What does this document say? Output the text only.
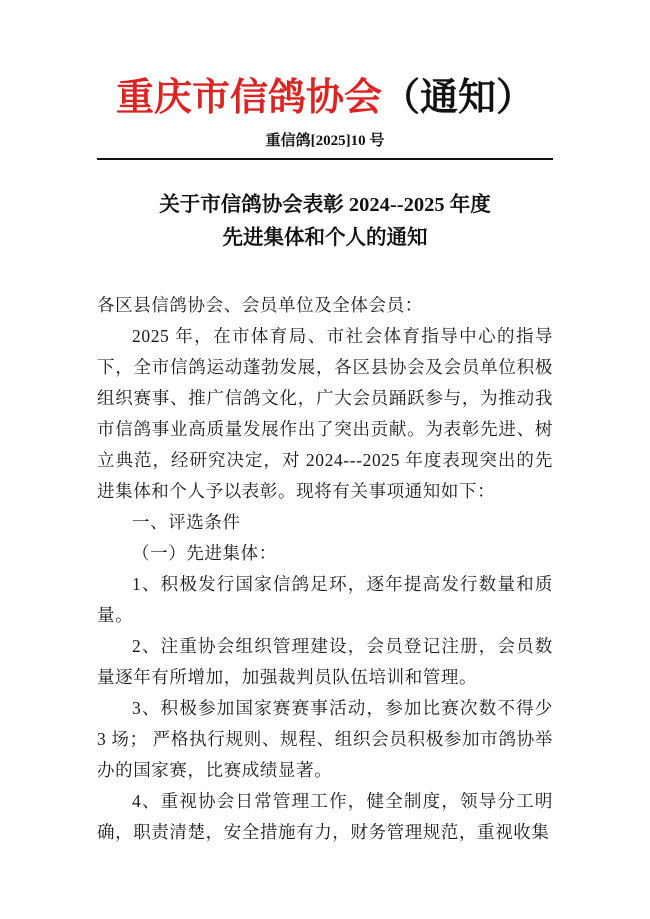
重庆市信鸽协会（通知）
重信鸽[2025]10 号
关于市信鸽协会表彰 2024--2025 年度
先进集体和个人的通知

各区县信鸽协会、会员单位及全体会员：

2025 年，在市体育局、市社会体育指导中心的指导下，全市信鸽运动蓬勃发展，各区县协会及会员单位积极组织赛事、推广信鸽文化，广大会员踊跃参与，为推动我市信鸽事业高质量发展作出了突出贡献。为表彰先进、树立典范，经研究决定，对 2024---2025 年度表现突出的先进集体和个人予以表彰。现将有关事项通知如下：

一、评选条件

（一）先进集体：

1、积极发行国家信鸽足环，逐年提高发行数量和质量。

2、注重协会组织管理建设，会员登记注册，会员数量逐年有所增加，加强裁判员队伍培训和管理。

3、积极参加国家赛赛事活动，参加比赛次数不得少 3 场； 严格执行规则、规程、组织会员积极参加市鸽协举办的国家赛，比赛成绩显著。

4、重视协会日常管理工作，健全制度，领导分工明确，职责清楚，安全措施有力，财务管理规范，重视收集
